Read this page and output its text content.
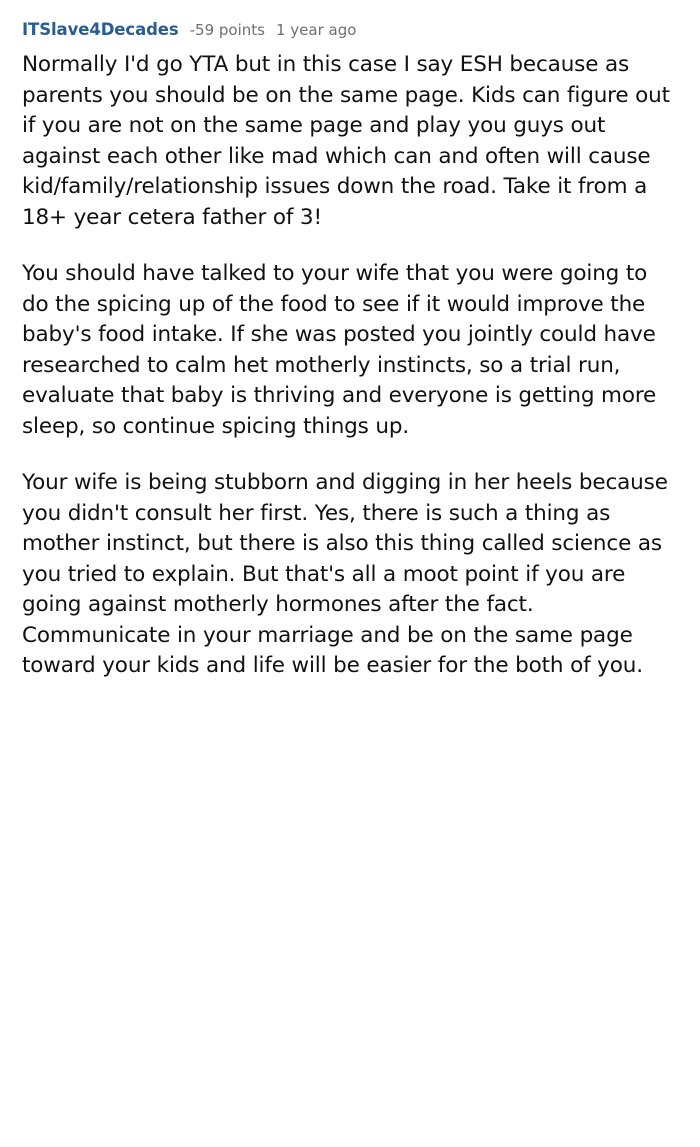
ITSlave4Decades -59 points 1 year ago

Normally I'd go YTA but in this case I say ESH because as parents you should be on the same page. Kids can figure out if you are not on the same page and play you guys out against each other like mad which can and often will cause kid/family/relationship issues down the road. Take it from a 18+ year cetera father of 3!

You should have talked to your wife that you were going to do the spicing up of the food to see if it would improve the baby's food intake. If she was posted you jointly could have researched to calm het motherly instincts, so a trial run, evaluate that baby is thriving and everyone is getting more sleep, so continue spicing things up.

Your wife is being stubborn and digging in her heels because you didn't consult her first. Yes, there is such a thing as mother instinct, but there is also this thing called science as you tried to explain. But that's all a moot point if you are going against motherly hormones after the fact. Communicate in your marriage and be on the same page toward your kids and life will be easier for the both of you.
